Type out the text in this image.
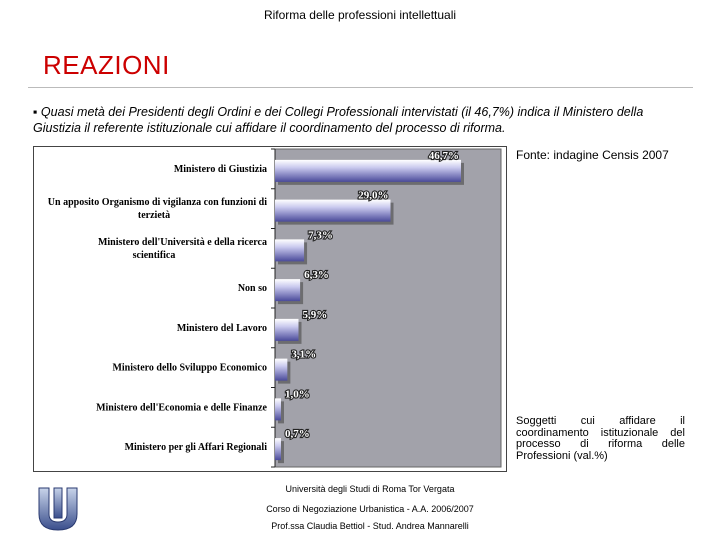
Riforma delle professioni intellettuali
REAZIONI
▪ Quasi metà dei Presidenti degli Ordini e dei Collegi Professionali intervistati (il 46,7%) indica il Ministero della Giustizia il referente istituzionale cui affidare il coordinamento del processo di riforma.
46,7%
Ministero di Giustizia
29,0%
Un apposito Organismo di vigilanza con funzioni di
terzietà
7,3%
Ministero dell'Università e della ricerca
scientifica
6,3%
Non so
5,9%
Ministero del Lavoro
3,1%
Ministero dello Sviluppo Economico
1,0%
Ministero dell'Economia e delle Finanze
0,7%
Ministero per gli Affari Regionali
Fonte: indagine Censis 2007
Soggetti cui affidare il coordinamento istituzionale del processo di riforma delle Professioni (val.%)
Università degli Studi di Roma Tor Vergata
Corso di Negoziazione Urbanistica - A.A. 2006/2007
Prof.ssa Claudia Bettiol - Stud. Andrea Mannarelli
